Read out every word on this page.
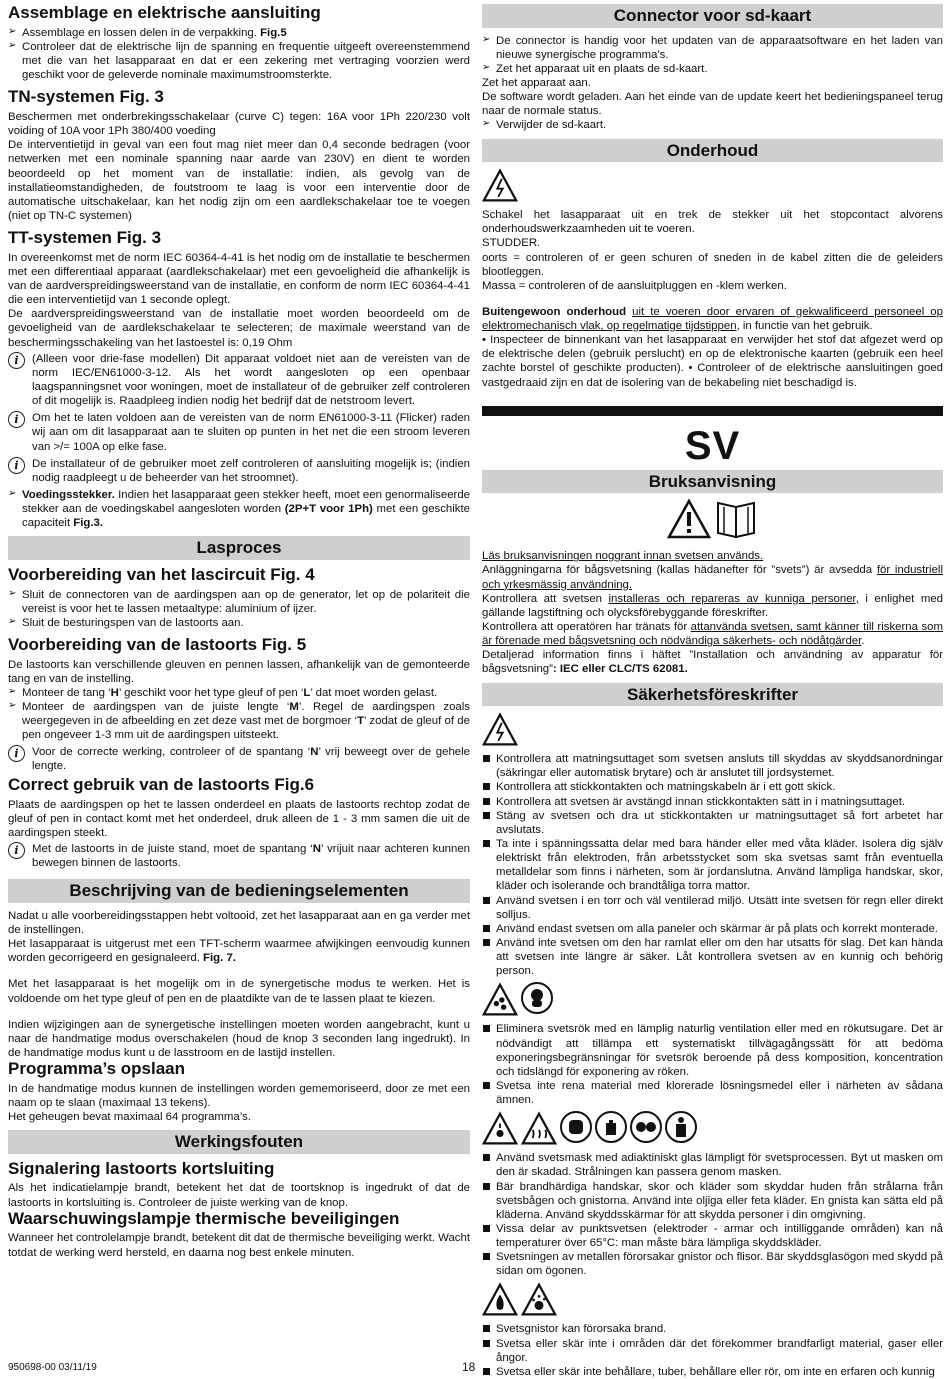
Assemblage en elektrische aansluiting
➢ Assemblage en lossen delen in de verpakking. Fig.5
➢ Controleer dat de elektrische lijn de spanning en frequentie uitgeeft overeenstemmend met die van het lasapparaat en dat er een zekering met vertraging voorzien werd geschikt voor de geleverde nominale maximumstroomsterkte.
TN-systemen Fig. 3

Beschermen met onderbrekingsschakelaar (curve C) tegen: 16A voor 1Ph 220/230 volt voiding of 10A voor 1Ph 380/400 voeding

De interventietijd in geval van een fout mag niet meer dan 0,4 seconde bedragen (voor netwerken met een nominale spanning naar aarde van 230V) en dient te worden beoordeeld op het moment van de installatie: indien, als gevolg van de installatieomstandigheden, de foutstroom te laag is voor een interventie door de automatische uitschakelaar, kan het nodig zijn om een aardlekschakelaar toe te voegen (niet op TN-C systemen)

TT-systemen Fig. 3

In overeenkomst met de norm IEC 60364-4-41 is het nodig om de installatie te beschermen met een differentiaal apparaat (aardlekschakelaar) met een gevoeligheid die afhankelijk is van de aardverspreidingsweerstand van de installatie, en conform de norm IEC 60364-4-41 die een interventietijd van 1 seconde oplegt.

De aardverspreidingsweerstand van de installatie moet worden beoordeeld om de gevoeligheid van de aardlekschakelaar te selecteren; de maximale weerstand van de beschermingsschakeling van het lastoestel is: 0,19 Ohm

i	(Alleen voor drie-fase modellen) Dit apparaat voldoet niet aan de vereisten van de norm IEC/EN61000-3-12. Als het wordt aangesloten op een openbaar laagspanningsnet voor woningen, moet de installateur of de gebruiker zelf controleren of dit mogelijk is. Raadpleeg indien nodig het bedrijf dat de netstroom levert.
i	Om het te laten voldoen aan de vereisten van de norm EN61000-3-11 (Flicker) raden wij aan om dit lasapparaat aan te sluiten op punten in het net die een stroom leveren van >/= 100A op elke fase.
i	De installateur of de gebruiker moet zelf controleren of aansluiting mogelijk is; (indien nodig raadpleegt u de beheerder van het stroomnet).
➢ Voedingsstekker. Indien het lasapparaat geen stekker heeft, moet een genormaliseerde stekker aan de voedingskabel aangesloten worden (2P+T voor 1Ph) met een geschikte capaciteit Fig.3.
Lasproces
Voorbereiding van het lascircuit Fig. 4
➢ Sluit de connectoren van de aardingspen aan op de generator, let op de polariteit die vereist is voor het te lassen metaaltype: aluminium of ijzer.
➢ Sluit de besturingspen van de lastoorts aan.
Voorbereiding van de lastoorts Fig. 5

De lastoorts kan verschillende gleuven en pennen lassen, afhankelijk van de gemonteerde tang en van de instelling.

➢ Monteer de tang ‘H’ geschikt voor het type gleuf of pen ‘L’ dat moet worden gelast.
➢ Monteer de aardingspen van de juiste lengte ‘M’. Regel de aardingspen zoals weergegeven in de afbeelding en zet deze vast met de borgmoer ‘T’ zodat de gleuf of de pen ongeveer 1-3 mm uit de aardingspen uitsteekt.
i	Voor de correcte werking, controleer of de spantang ‘N’ vrij beweegt over de gehele lengte.
Correct gebruik van de lastoorts Fig.6

Plaats de aardingspen op het te lassen onderdeel en plaats de lastoorts rechtop zodat de gleuf of pen in contact komt met het onderdeel, druk alleen de 1 - 3 mm samen die uit de aardingspen steekt.

i	Met de lastoorts in de juiste stand, moet de spantang ‘N’ vrijuit naar achteren kunnen bewegen binnen de lastoorts.
Beschrijving van de bedieningselementen

Nadat u alle voorbereidingsstappen hebt voltooid, zet het lasapparaat aan en ga verder met de instellingen.

Het lasapparaat is uitgerust met een TFT-scherm waarmee afwijkingen eenvoudig kunnen worden gecorrigeerd en gesignaleerd. Fig. 7.

Met het lasapparaat is het mogelijk om in de synergetische modus te werken. Het is voldoende om het type gleuf of pen en de plaatdikte van de te lassen plaat te kiezen.

Indien wijzigingen aan de synergetische instellingen moeten worden aangebracht, kunt u naar de handmatige modus overschakelen (houd de knop 3 seconden lang ingedrukt). In de handmatige modus kunt u de lasstroom en de lastijd instellen.

Programma’s opslaan

In de handmatige modus kunnen de instellingen worden gememoriseerd, door ze met een naam op te slaan (maximaal 13 tekens).

Het geheugen bevat maximaal 64 programma’s.

Werkingsfouten
Signalering lastoorts kortsluiting

Als het indicatielampje brandt, betekent het dat de toortsknop is ingedrukt of dat de lastoorts in kortsluiting is. Controleer de juiste werking van de knop.

Waarschuwingslampje thermische beveiligingen

Wanneer het controlelampje brandt, betekent dit dat de thermische beveiliging werkt. Wacht totdat de werking werd hersteld, en daarna nog best enkele minuten.

Connector voor sd-kaart
➢ De connector is handig voor het updaten van de apparaatsoftware en het laden van nieuwe synergische programma's.
➢ Zet het apparaat uit en plaats de sd-kaart.

Zet het apparaat aan.

De software wordt geladen. Aan het einde van de update keert het bedieningspaneel terug naar de normale status.

➢ Verwijder de sd-kaart.
Onderhoud

Schakel het lasapparaat uit en trek de stekker uit het stopcontact alvorens onderhoudswerkzaamheden uit te voeren.

STUDDER.

oorts = controleren of er geen schuren of sneden in de kabel zitten die de geleiders blootleggen.

Massa = controleren of de aansluitpluggen en -klem werken.

Buitengewoon onderhoud uit te voeren door ervaren of gekwalificeerd personeel op elektromechanisch vlak, op regelmatige tijdstippen, in functie van het gebruik.

• Inspecteer de binnenkant van het lasapparaat en verwijder het stof dat afgezet werd op de elektrische delen (gebruik perslucht) en op de elektronische kaarten (gebruik een heel zachte borstel of geschikte producten). • Controleer of de elektrische aansluitingen goed vastgedraaid zijn en dat de isolering van de bekabeling niet beschadigd is.

SV
Bruksanvisning

Läs bruksanvisningen noggrant innan svetsen används.

Anläggningarna för bågsvetsning (kallas hädanefter för ”svets”) är avsedda för industriell och yrkesmässig användning.

Kontrollera att svetsen installeras och repareras av kunniga personer, i enlighet med gällande lagstiftning och olycksförebyggande föreskrifter.

Kontrollera att operatören har tränats för attanvända svetsen, samt känner till riskerna som är förenade med bågsvetsning och nödvändiga säkerhets- och nödåtgärder.

Detaljerad information finns i häftet ”Installation och användning av apparatur för bågsvetsning”: IEC eller CLC/TS 62081.

Säkerhetsföreskrifter
Kontrollera att matningsuttaget som svetsen ansluts till skyddas av skyddsanordningar (säkringar eller automatisk brytare) och är anslutet till jordsystemet.
Kontrollera att stickkontakten och matningskabeln är i ett gott skick.
Kontrollera att svetsen är avstängd innan stickkontakten sätt in i matningsuttaget.
Stäng av svetsen och dra ut stickkontakten ur matningsuttaget så fort arbetet har avslutats.
Ta inte i spänningssatta delar med bara händer eller med våta kläder. Isolera dig själv elektriskt från elektroden, från arbetsstycket som ska svetsas samt från eventuella metalldelar som finns i närheten, som är jordanslutna. Använd lämpliga handskar, skor, kläder och isolerande och brandtåliga torra mattor.
Använd svetsen i en torr och väl ventilerad miljö. Utsätt inte svetsen för regn eller direkt solljus.
Använd endast svetsen om alla paneler och skärmar är på plats och korrekt monterade.
Använd inte svetsen om den har ramlat eller om den har utsatts för slag. Det kan hända att svetsen inte längre är säker. Låt kontrollera svetsen av en kunnig och behörig person.
Eliminera svetsrök med en lämplig naturlig ventilation eller med en rökutsugare. Det är nödvändigt att tillämpa ett systematiskt tillvägagångssätt för att bedöma exponeringsbegränsningar för svetsrök beroende på dess komposition, koncentration och tidslängd för exponering av röken.
Svetsa inte rena material med klorerade lösningsmedel eller i närheten av sådana ämnen.
Använd svetsmask med adiaktiniskt glas lämpligt för svetsprocessen. Byt ut masken om den är skadad. Strålningen kan passera genom masken.
Bär brandhärdiga handskar, skor och kläder som skyddar huden från strålarna från svetsbågen och gnistorna. Använd inte oljiga eller feta kläder. En gnista kan sätta eld på kläderna. Använd skyddsskärmar för att skydda personer i din omgivning.
Vissa delar av punktsvetsen (elektroder - armar och intilliggande områden) kan nå temperaturer över 65°C: man måste bära lämpliga skyddskläder.
Svetsningen av metallen förorsakar gnistor och flisor. Bär skyddsglasögon med skydd på sidan om ögonen.
Svetsgnistor kan förorsaka brand.
Svetsa eller skär inte i områden där det förekommer brandfarligt material, gaser eller ångor.
Svetsa eller skär inte behållare, tuber, behållare eller rör, om inte en erfaren och kunnig
950698-00 03/11/19	18
